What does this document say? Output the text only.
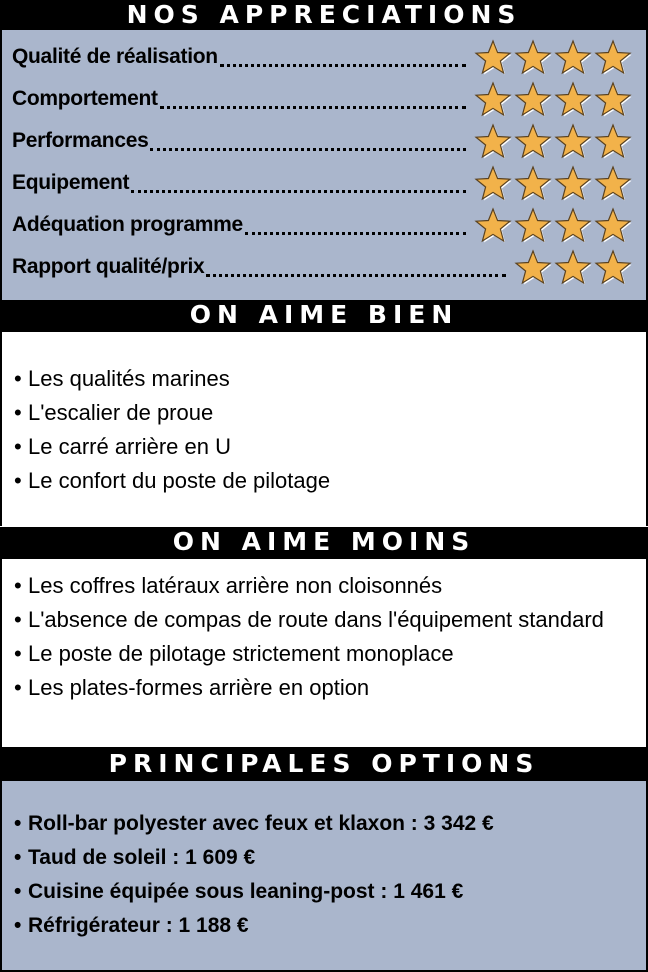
NOS APPRECIATIONS
Qualité de réalisation
Comportement
Performances
Equipement
Adéquation programme
Rapport qualité/prix
ON AIME BIEN
• Les qualités marines
• L'escalier de proue
• Le carré arrière en U
• Le confort du poste de pilotage
ON AIME MOINS
• Les coffres latéraux arrière non cloisonnés
• L'absence de compas de route dans l'équipement standard
• Le poste de pilotage strictement monoplace
• Les plates-formes arrière en option
PRINCIPALES OPTIONS
• Roll-bar polyester avec feux et klaxon : 3 342 €
• Taud de soleil : 1 609 €
• Cuisine équipée sous leaning-post : 1 461 €
• Réfrigérateur : 1 188 €
